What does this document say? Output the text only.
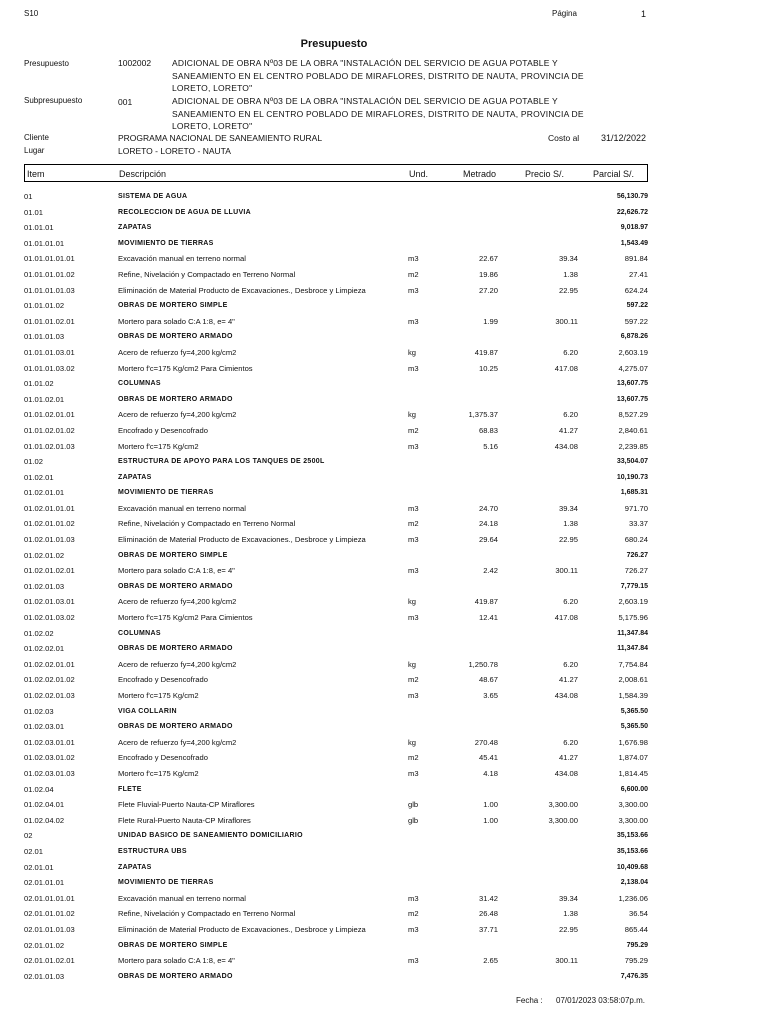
S10	Página	1
Presupuesto
Presupuesto	1002002 ADICIONAL DE OBRA Nº03 DE LA OBRA "INSTALACIÓN DEL SERVICIO DE AGUA POTABLE Y
SANEAMIENTO EN EL CENTRO POBLADO DE MIRAFLORES, DISTRITO DE NAUTA, PROVINCIA DE
LORETO, LORETO"
Subpresupuesto	001	ADICIONAL DE OBRA Nº03 DE LA OBRA "INSTALACIÓN DEL SERVICIO DE AGUA POTABLE Y
SANEAMIENTO EN EL CENTRO POBLADO DE MIRAFLORES, DISTRITO DE NAUTA, PROVINCIA DE
LORETO, LORETO"
Cliente	PROGRAMA NACIONAL DE SANEAMIENTO RURAL	Costo al 31/12/2022
Lugar	LORETO - LORETO - NAUTA
Item	Descripción	Und.	Metrado	Precio S/.	Parcial S/.
01	SISTEMA DE AGUA	56,130.79
01.01	RECOLECCION DE AGUA DE LLUVIA	22,626.72
01.01.01	ZAPATAS	9,018.97
01.01.01.01	MOVIMIENTO DE TIERRAS	1,543.49
01.01.01.01.01	Excavación manual en terreno normal	m3	22.67	39.34	891.84
01.01.01.01.02	Refine, Nivelación y Compactado en Terreno Normal	m2	19.86	1.38	27.41
01.01.01.01.03	Eliminación de Material Producto de Excavaciones., Desbroce y Limpieza	m3	27.20	22.95	624.24
01.01.01.02	OBRAS DE MORTERO SIMPLE	597.22
01.01.01.02.01	Mortero para solado C:A 1:8, e= 4"	m3	1.99	300.11	597.22
01.01.01.03	OBRAS DE MORTERO ARMADO	6,878.26
01.01.01.03.01	Acero de refuerzo fy=4,200 kg/cm2	kg	419.87	6.20	2,603.19
01.01.01.03.02	Mortero f'c=175 Kg/cm2 Para Cimientos	m3	10.25	417.08	4,275.07
01.01.02	COLUMNAS	13,607.75
01.01.02.01	OBRAS DE MORTERO ARMADO	13,607.75
01.01.02.01.01	Acero de refuerzo fy=4,200 kg/cm2	kg	1,375.37	6.20	8,527.29
01.01.02.01.02	Encofrado y Desencofrado	m2	68.83	41.27	2,840.61
01.01.02.01.03	Mortero f'c=175 Kg/cm2	m3	5.16	434.08	2,239.85
01.02	ESTRUCTURA DE APOYO PARA LOS TANQUES DE 2500L	33,504.07
01.02.01	ZAPATAS	10,190.73
01.02.01.01	MOVIMIENTO DE TIERRAS	1,685.31
01.02.01.01.01	Excavación manual en terreno normal	m3	24.70	39.34	971.70
01.02.01.01.02	Refine, Nivelación y Compactado en Terreno Normal	m2	24.18	1.38	33.37
01.02.01.01.03	Eliminación de Material Producto de Excavaciones., Desbroce y Limpieza	m3	29.64	22.95	680.24
01.02.01.02	OBRAS DE MORTERO SIMPLE	726.27
01.02.01.02.01	Mortero para solado C:A 1:8, e= 4"	m3	2.42	300.11	726.27
01.02.01.03	OBRAS DE MORTERO ARMADO	7,779.15
01.02.01.03.01	Acero de refuerzo fy=4,200 kg/cm2	kg	419.87	6.20	2,603.19
01.02.01.03.02	Mortero f'c=175 Kg/cm2 Para Cimientos	m3	12.41	417.08	5,175.96
01.02.02	COLUMNAS	11,347.84
01.02.02.01	OBRAS DE MORTERO ARMADO	11,347.84
01.02.02.01.01	Acero de refuerzo fy=4,200 kg/cm2	kg	1,250.78	6.20	7,754.84
01.02.02.01.02	Encofrado y Desencofrado	m2	48.67	41.27	2,008.61
01.02.02.01.03	Mortero f'c=175 Kg/cm2	m3	3.65	434.08	1,584.39
01.02.03	VIGA COLLARIN	5,365.50
01.02.03.01	OBRAS DE MORTERO ARMADO	5,365.50
01.02.03.01.01	Acero de refuerzo fy=4,200 kg/cm2	kg	270.48	6.20	1,676.98
01.02.03.01.02	Encofrado y Desencofrado	m2	45.41	41.27	1,874.07
01.02.03.01.03	Mortero f'c=175 Kg/cm2	m3	4.18	434.08	1,814.45
01.02.04	FLETE	6,600.00
01.02.04.01	Flete Fluvial-Puerto Nauta-CP Miraflores	glb	1.00	3,300.00	3,300.00
01.02.04.02	Flete Rural-Puerto Nauta-CP Miraflores	glb	1.00	3,300.00	3,300.00
02	UNIDAD BASICO DE SANEAMIENTO DOMICILIARIO	35,153.66
02.01	ESTRUCTURA UBS	35,153.66
02.01.01	ZAPATAS	10,409.68
02.01.01.01	MOVIMIENTO DE TIERRAS	2,138.04
02.01.01.01.01	Excavación manual en terreno normal	m3	31.42	39.34	1,236.06
02.01.01.01.02	Refine, Nivelación y Compactado en Terreno Normal	m2	26.48	1.38	36.54
02.01.01.01.03	Eliminación de Material Producto de Excavaciones., Desbroce y Limpieza	m3	37.71	22.95	865.44
02.01.01.02	OBRAS DE MORTERO SIMPLE	795.29
02.01.01.02.01	Mortero para solado C:A 1:8, e= 4"	m3	2.65	300.11	795.29
02.01.01.03	OBRAS DE MORTERO ARMADO	7,476.35
Fecha : 07/01/2023 03:58:07p.m.
